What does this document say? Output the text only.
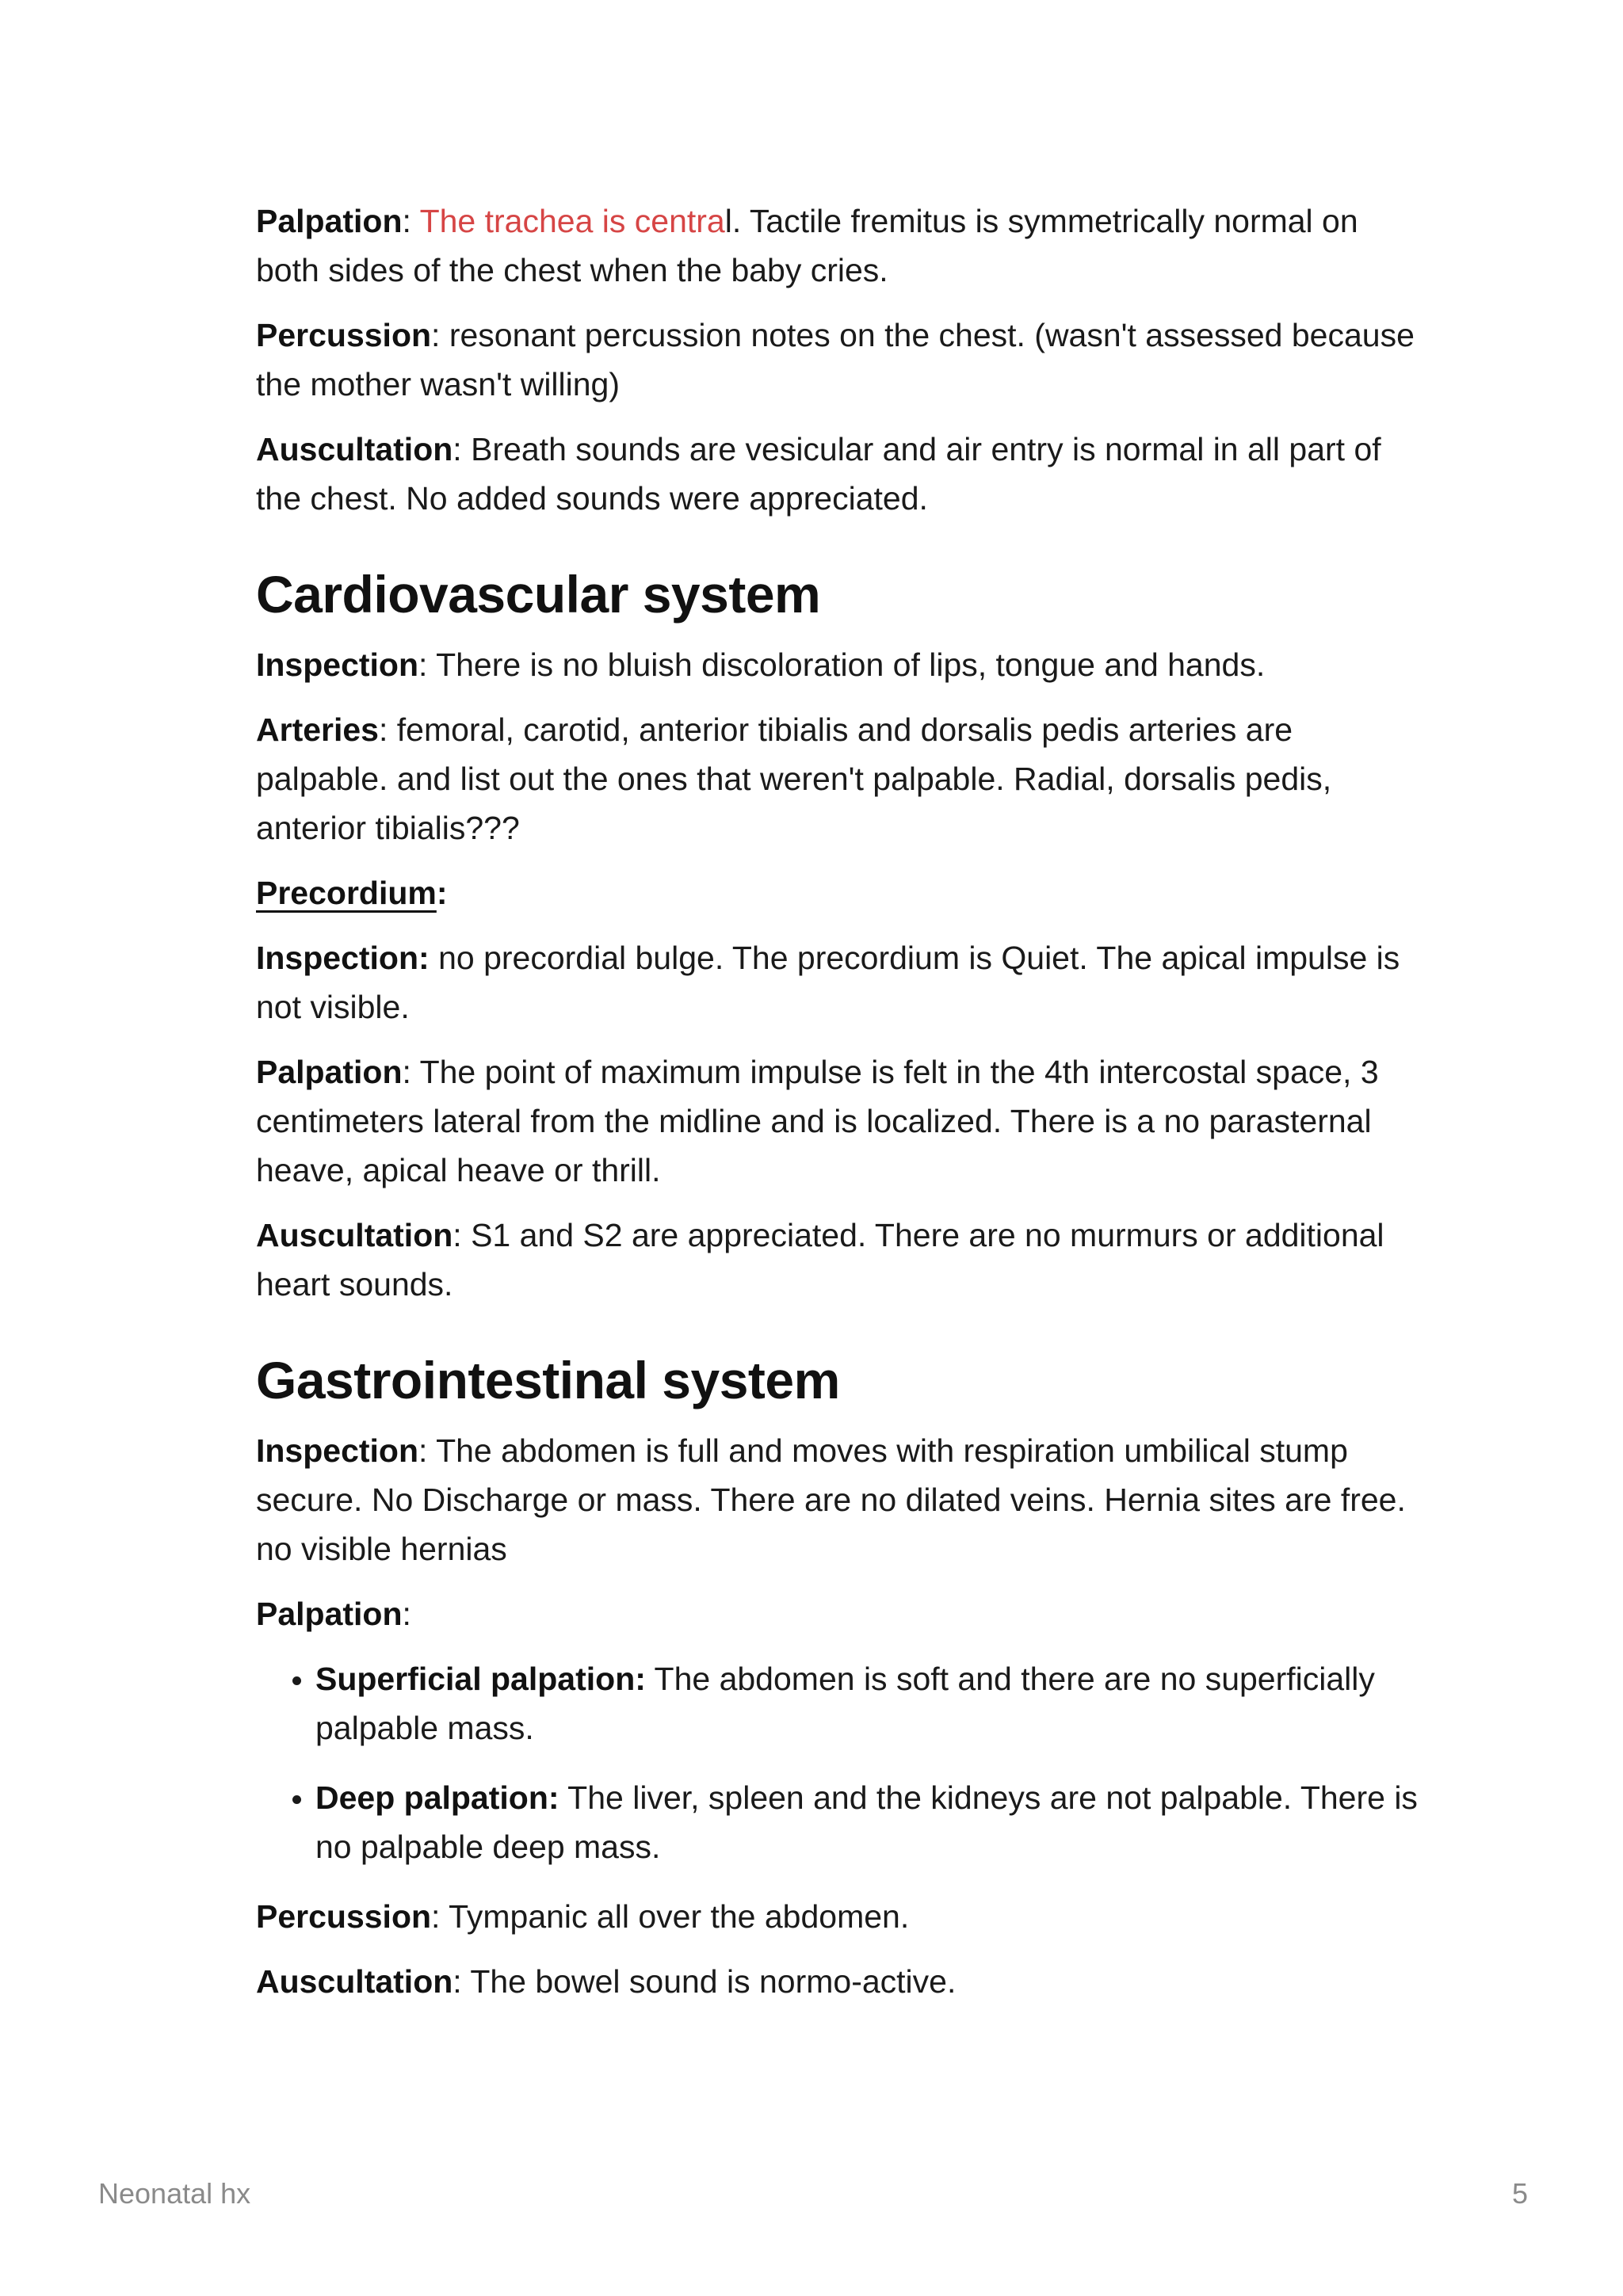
Palpation: The trachea is central. Tactile fremitus is symmetrically normal on both sides of the chest when the baby cries.

Percussion: resonant percussion notes on the chest. (wasn't assessed because the mother wasn't willing)

Auscultation: Breath sounds are vesicular and air entry is normal in all part of the chest. No added sounds were appreciated.

Cardiovascular system

Inspection: There is no bluish discoloration of lips, tongue and hands.

Arteries: femoral, carotid, anterior tibialis and dorsalis pedis arteries are palpable. and list out the ones that weren't palpable. Radial, dorsalis pedis, anterior tibialis???

Precordium:

Inspection: no precordial bulge. The precordium is Quiet. The apical impulse is not visible.

Palpation: The point of maximum impulse is felt in the 4th intercostal space, 3 centimeters lateral from the midline and is localized. There is a no parasternal heave, apical heave or thrill.

Auscultation: S1 and S2 are appreciated. There are no murmurs or additional heart sounds.

Gastrointestinal system

Inspection: The abdomen is full and moves with respiration umbilical stump secure. No Discharge or mass. There are no dilated veins. Hernia sites are free. no visible hernias

Palpation:

• Superficial palpation: The abdomen is soft and there are no superficially palpable mass.
• Deep palpation: The liver, spleen and the kidneys are not palpable. There is no palpable deep mass.

Percussion: Tympanic all over the abdomen.

Auscultation: The bowel sound is normo-active.

Neonatal hx	5
